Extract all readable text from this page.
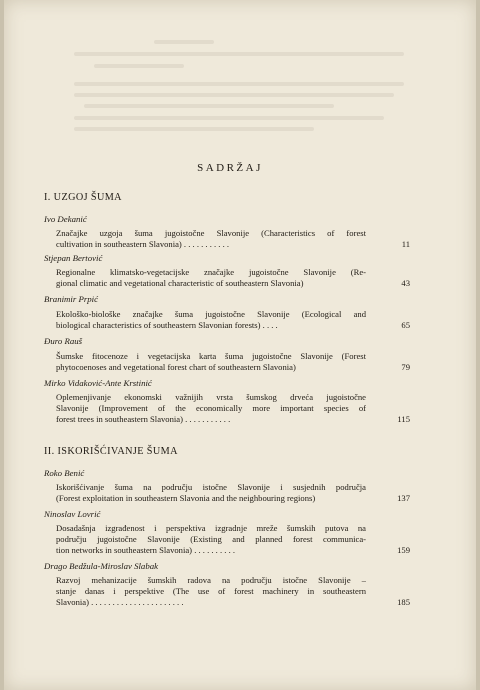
SADRŽAJ
I. UZGOJ ŠUMA
Ivo Dekanić
Značajke uzgoja šuma jugoistočne Slavonije (Characteristics of forest
cultivation in southeastern Slavonia) . . . . . . . . . . .	11
Stjepan Bertović
Regionalne klimatsko-vegetacijske značajke jugoistočne Slavonije (Re-
gional climatic and vegetational characteristic of southeastern Slavonia)	43
Branimir Prpić
Ekološko-biološke značajke šuma jugoistočne Slavonije (Ecological and
biological characteristics of southeastern Slavonian forests) . . . .	65
Đuro Rauš
Šumske fitocenoze i vegetacijska karta šuma jugoistočne Slavonije (Forest
phytocoenoses and vegetational forest chart of southeastern Slavonia)	79
Mirko Vidaković-Ante Krstinić
Oplemenjivanje ekonomski važnijih vrsta šumskog drveća jugoistočne
Slavonije (Improvement of the economically more important species of
forest trees in southeastern Slavonia) . . . . . . . . . . .	115
II. ISKORIŠĆIVANJE ŠUMA
Roko Benić
Iskorišćivanje šuma na području istočne Slavonije i susjednih područja
(Forest exploitation in southeastern Slavonia and the neighbouring regions)	137
Ninoslav Lovrić
Dosadašnja izgrađenost i perspektiva izgradnje mreže šumskih putova na
području jugoistočne Slavonije (Existing and planned forest communica-
tion networks in southeastern Slavonia) . . . . . . . . . .	159
Drago Bedžula-Miroslav Slabak
Razvoj mehanizacije šumskih radova na području istočne Slavonije –
stanje danas i perspektive (The use of forest machinery in southeastern
Slavonia) . . . . . . . . . . . . . . . . . . . . . .	185
